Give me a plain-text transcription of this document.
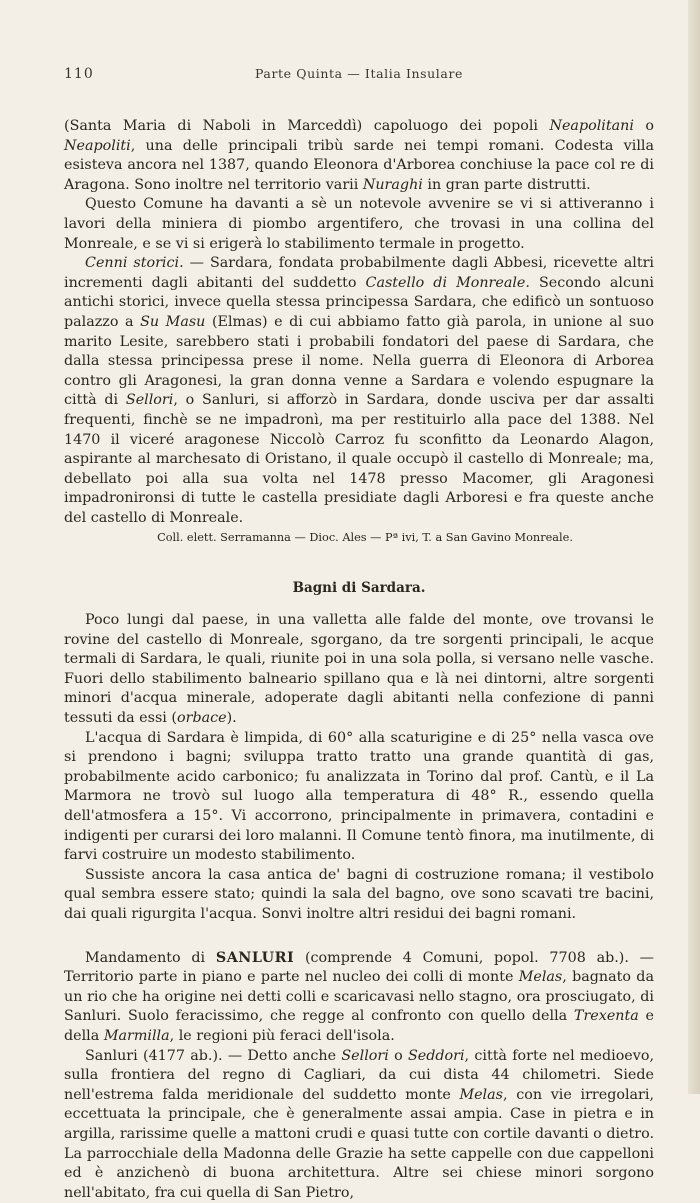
110	Parte Quinta — Italia Insulare

(Santa Maria di Naboli in Marceddì) capoluogo dei popoli Neapolitani o Neapoliti, una delle principali tribù sarde nei tempi romani. Codesta villa esisteva ancora nel 1387, quando Eleonora d'Arborea conchiuse la pace col re di Aragona. Sono inoltre nel territorio varii Nuraghi in gran parte distrutti.

Questo Comune ha davanti a sè un notevole avvenire se vi si attiveranno i lavori della miniera di piombo argentifero, che trovasi in una collina del Monreale, e se vi si erigerà lo stabilimento termale in progetto.

Cenni storici. — Sardara, fondata probabilmente dagli Abbesi, ricevette altri incrementi dagli abitanti del suddetto Castello di Monreale. Secondo alcuni antichi storici, invece quella stessa principessa Sardara, che edificò un sontuoso palazzo a Su Masu (Elmas) e di cui abbiamo fatto già parola, in unione al suo marito Lesite, sarebbero stati i probabili fondatori del paese di Sardara, che dalla stessa principessa prese il nome. Nella guerra di Eleonora di Arborea contro gli Aragonesi, la gran donna venne a Sardara e volendo espugnare la città di Sellori, o Sanluri, si afforzò in Sardara, donde usciva per dar assalti frequenti, finchè se ne impadronì, ma per restituirlo alla pace del 1388. Nel 1470 il viceré aragonese Niccolò Carroz fu sconfitto da Leonardo Alagon, aspirante al marchesato di Oristano, il quale occupò il castello di Monreale; ma, debellato poi alla sua volta nel 1478 presso Macomer, gli Aragonesi impadronironsi di tutte le castella presidiate dagli Arboresi e fra queste anche del castello di Monreale.

Coll. elett. Serramanna — Dioc. Ales — Pª ivi, T. a San Gavino Monreale.

Bagni di Sardara.

Poco lungi dal paese, in una valletta alle falde del monte, ove trovansi le rovine del castello di Monreale, sgorgano, da tre sorgenti principali, le acque termali di Sardara, le quali, riunite poi in una sola polla, si versano nelle vasche. Fuori dello stabilimento balneario spillano qua e là nei dintorni, altre sorgenti minori d'acqua minerale, adoperate dagli abitanti nella confezione di panni tessuti da essi (orbace).

L'acqua di Sardara è limpida, di 60° alla scaturigine e di 25° nella vasca ove si prendono i bagni; sviluppa tratto tratto una grande quantità di gas, probabilmente acido carbonico; fu analizzata in Torino dal prof. Cantù, e il La Marmora ne trovò sul luogo alla temperatura di 48° R., essendo quella dell'atmosfera a 15°. Vi accorrono, principalmente in primavera, contadini e indigenti per curarsi dei loro malanni. Il Comune tentò finora, ma inutilmente, di farvi costruire un modesto stabilimento.

Sussiste ancora la casa antica de' bagni di costruzione romana; il vestibolo qual sembra essere stato; quindi la sala del bagno, ove sono scavati tre bacini, dai quali rigurgita l'acqua. Sonvi inoltre altri residui dei bagni romani.

Mandamento di SANLURI (comprende 4 Comuni, popol. 7708 ab.). — Territorio parte in piano e parte nel nucleo dei colli di monte Melas, bagnato da un rio che ha origine nei detti colli e scaricavasi nello stagno, ora prosciugato, di Sanluri. Suolo feracissimo, che regge al confronto con quello della Trexenta e della Marmilla, le regioni più feraci dell'isola.

Sanluri (4177 ab.). — Detto anche Sellori o Seddori, città forte nel medioevo, sulla frontiera del regno di Cagliari, da cui dista 44 chilometri. Siede nell'estrema falda meridionale del suddetto monte Melas, con vie irregolari, eccettuata la principale, che è generalmente assai ampia. Case in pietra e in argilla, rarissime quelle a mattoni crudi e quasi tutte con cortile davanti o dietro. La parrocchiale della Madonna delle Grazie ha sette cappelle con due cappelloni ed è anzichenò di buona architettura. Altre sei chiese minori sorgono nell'abitato, fra cui quella di San Pietro,
